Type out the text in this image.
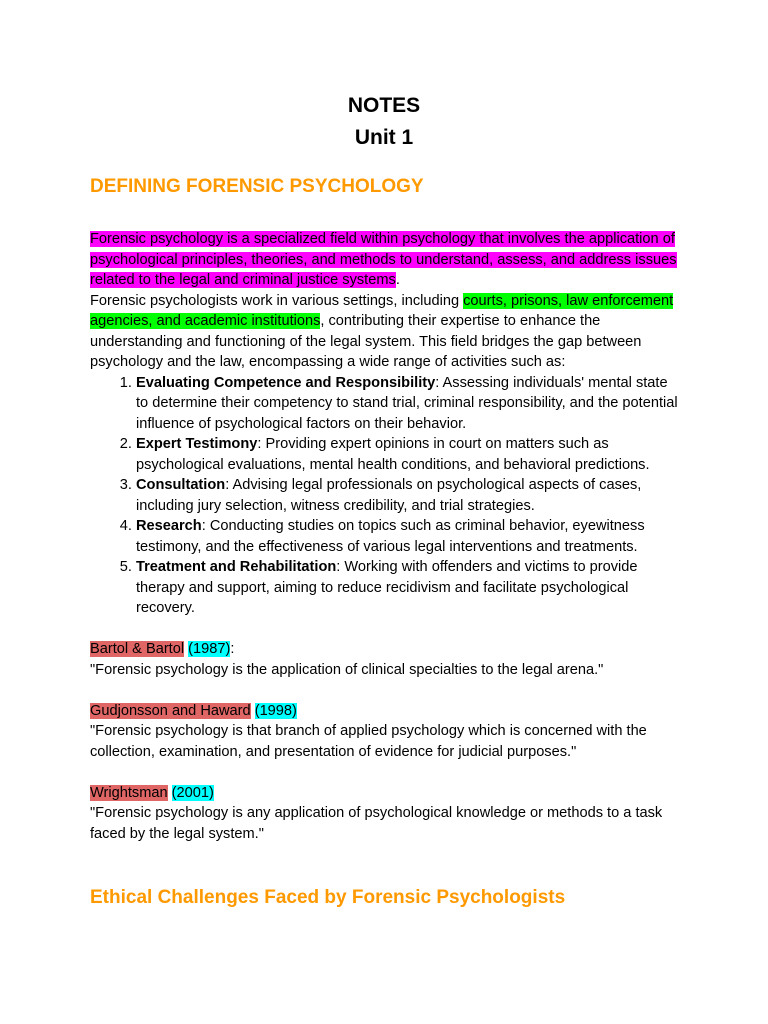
NOTES
Unit 1
DEFINING FORENSIC PSYCHOLOGY

Forensic psychology is a specialized field within psychology that involves the application of psychological principles, theories, and methods to understand, assess, and address issues related to the legal and criminal justice systems.

Forensic psychologists work in various settings, including courts, prisons, law enforcement agencies, and academic institutions, contributing their expertise to enhance the understanding and functioning of the legal system. This field bridges the gap between psychology and the law, encompassing a wide range of activities such as:

1. Evaluating Competence and Responsibility: Assessing individuals' mental state to determine their competency to stand trial, criminal responsibility, and the potential influence of psychological factors on their behavior.
2. Expert Testimony: Providing expert opinions in court on matters such as psychological evaluations, mental health conditions, and behavioral predictions.
3. Consultation: Advising legal professionals on psychological aspects of cases, including jury selection, witness credibility, and trial strategies.
4. Research: Conducting studies on topics such as criminal behavior, eyewitness testimony, and the effectiveness of various legal interventions and treatments.
5. Treatment and Rehabilitation: Working with offenders and victims to provide therapy and support, aiming to reduce recidivism and facilitate psychological recovery.

Bartol & Bartol (1987):

"Forensic psychology is the application of clinical specialties to the legal arena."

Gudjonsson and Haward (1998)

"Forensic psychology is that branch of applied psychology which is concerned with the collection, examination, and presentation of evidence for judicial purposes."

Wrightsman (2001)

"Forensic psychology is any application of psychological knowledge or methods to a task faced by the legal system."

Ethical Challenges Faced by Forensic Psychologists
